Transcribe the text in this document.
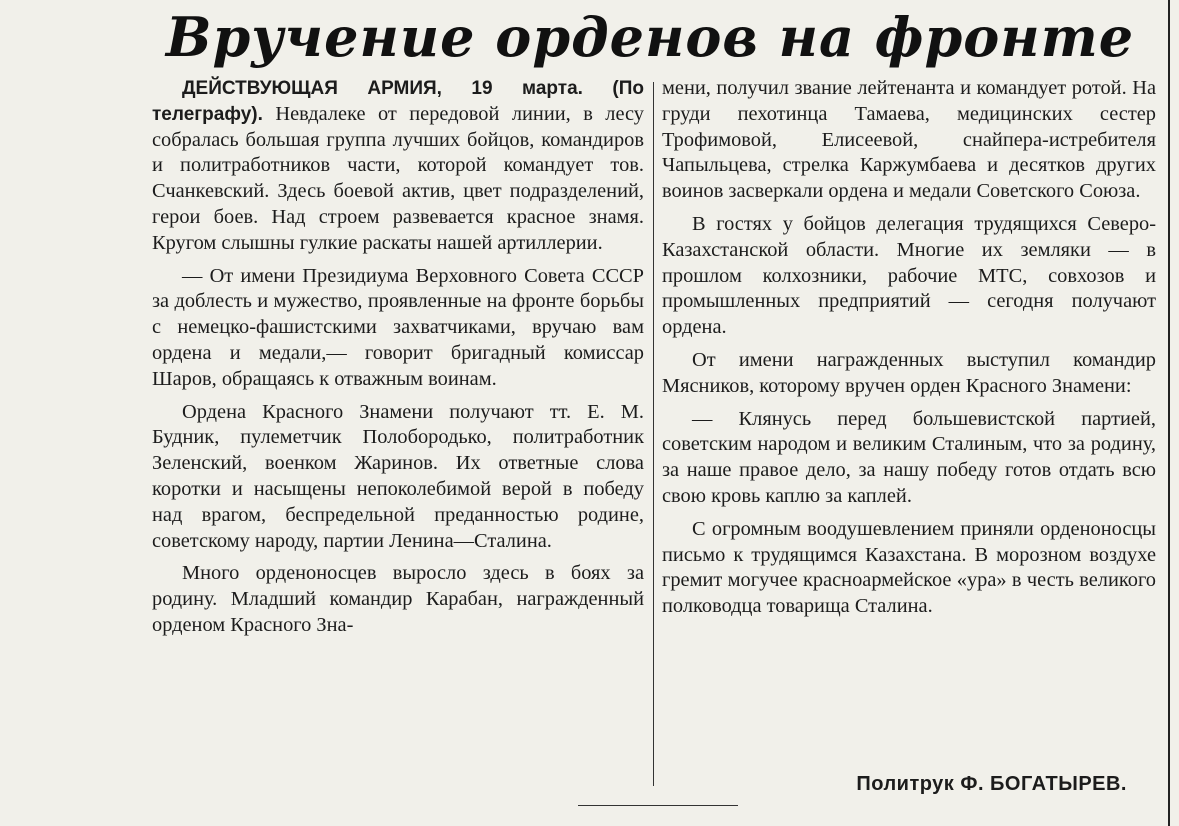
Вручение орденов на фронте

ДЕЙСТВУЮЩАЯ АРМИЯ, 19 марта. (По телеграфу). Невдалеке от передовой линии, в лесу собралась большая группа лучших бойцов, командиров и политработников части, которой командует тов. Счанкевский. Здесь боевой актив, цвет подразделений, герои боев. Над строем развевается красное знамя. Кругом слышны гулкие раскаты нашей артиллерии.

— От имени Президиума Верховного Совета СССР за доблесть и мужество, проявленные на фронте борьбы с немецко-фашистскими захватчиками, вручаю вам ордена и медали,— говорит бригадный комиссар Шаров, обращаясь к отважным воинам.

Ордена Красного Знамени получают тт. Е. М. Будник, пулеметчик Полобородько, политработник Зеленский, военком Жаринов. Их ответные слова коротки и насыщены непоколебимой верой в победу над врагом, беспредельной преданностью родине, советскому народу, партии Ленина—Сталина.

Много орденоносцев выросло здесь в боях за родину. Младший командир Карабан, награжденный орденом Красного Зна-

мени, получил звание лейтенанта и командует ротой. На груди пехотинца Тамаева, медицинских сестер Трофимовой, Елисеевой, снайпера-истребителя Чапыльцева, стрелка Каржумбаева и десятков других воинов засверкали ордена и медали Советского Союза.

В гостях у бойцов делегация трудящихся Северо-Казахстанской области. Многие их земляки — в прошлом колхозники, рабочие МТС, совхозов и промышленных предприятий — сегодня получают ордена.

От имени награжденных выступил командир Мясников, которому вручен орден Красного Знамени:

— Клянусь перед большевистской партией, советским народом и великим Сталиным, что за родину, за наше правое дело, за нашу победу готов отдать всю свою кровь каплю за каплей.

С огромным воодушевлением приняли орденоносцы письмо к трудящимся Казахстана. В морозном воздухе гремит могучее красноармейское «ура» в честь великого полководца товарища Сталина.

Политрук Ф. БОГАТЫРЕВ.
